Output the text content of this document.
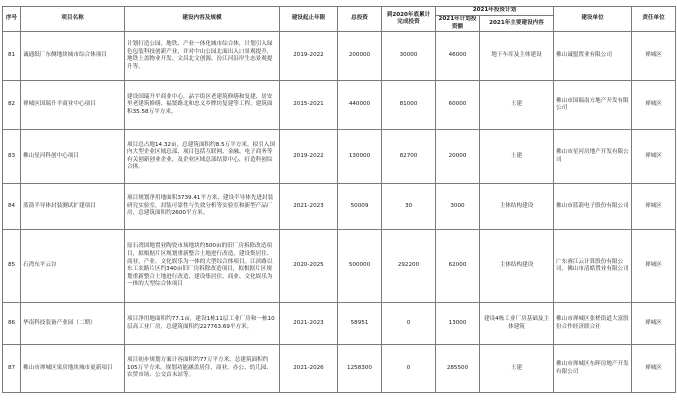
序号	项目名称	建设内容及规模	建设起止年限	总投资	到2020年底累计完成投资	2021年投资计划		建设单位	责任单位
						2021年计划投资额	2021年主要建设内容		
81	诚通纸厂东侧地块城市综合体项目	计划打造公园、地铁、产业一体化城市综合体，计划引入绿色包装科技创新产业，并对中山公园北面出入口景观提升，地铁上盖物业开发、文昌北文创源、汾江河沿岸生态景观提升等。	2019-2022	200000	30000	46000	地下车库及主体建设	佛山诚盟置业有限公司	禅城区
82	禅城区国瑞升平商业中心项目	建设国瑞升平商业中心，品字街区老建筑修缮和复建、居安里老建筑修缮、福贤路北和忠义乡牌坊复建等工程，建筑面积35.58万平方米。	2015-2021	440000	81000	60000	土建	佛山市国瑞南方地产开发有限公司	禅城区
83	佛山星河科创中心项目	项目总占地14.32亩，总建筑面积约8.5万平方米。拟引入国内大型企业区域总部、项目包括互联网、金融、电子商务等有关创新创业企业，及企业区域总部结算中心，打造科创综合体。	2019-2022	130000	82700	20000	土建	佛山市星河房地产开发有限公司	禅城区
84	蓝箭半导体封装测试扩建项目	项目规划净用地面积3739.41平方米，建设半导体先进封装研究实验室，封装可靠性与失效分析等实验室和新型产品厂房，总建筑面积约2600平方米。	2021-2023	50009	30	3000	主体结构建设	佛山市蓝箭电子股份有限公司	禅城区
85	石湾东平云谷	原石湾国地置业陶瓷市场地块约500亩的旧厂房拆除改造项目，拟根据片区规划重新整合土地进行改造，建设集居住、商业、产业、文化娱乐为一体的大型综合体项目。江滨路以东工农路片区约340亩旧厂房拆除改造项目，拟根据片区规划重新整合土地进行改造，建设集居住、商业、文化娱乐为一体的大型综合体项目	2020-2025	500000	292200	62000	主体结构建设	广东睿江云计算股份有限公司、佛山市清皓置业有限公司	禅城区
86	华南科技装备产业园（二期）	项目净用地面积约77.1亩，建设1栋11层工业厂房和一栋10层高工业厂房，总建筑面积约227763.69平方米。	2021-2023	58951	0	13000	建设4栋工业厂房基础及主体建筑	佛山市禅城区张槎街道大富股份合作经济联合社	禅城区
87	佛山市禅城区果房地块城市更新项目	项目初步规划方案计容面积约77万平方米，总建筑面积约105万平方米。规划功能涵盖居住、商业、办公、幼儿园、农贸市场、公交首末站等。	2021-2026	1258300	0	285500	土建	佛山市禅城区东晖房地产开发有限公司	禅城区
